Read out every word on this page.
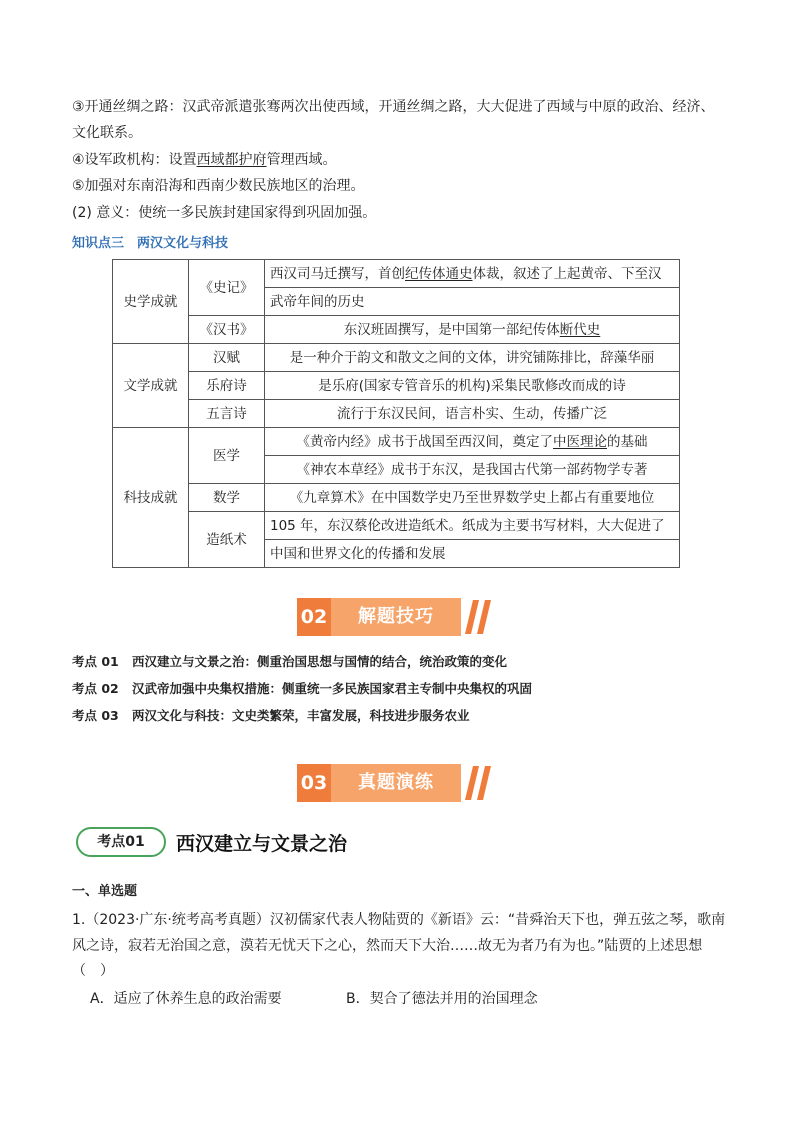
③开通丝绸之路：汉武帝派遣张骞两次出使西域，开通丝绸之路，大大促进了西域与中原的政治、经济、
文化联系。
④设军政机构：设置西域都护府管理西域。
⑤加强对东南沿海和西南少数民族地区的治理。
(2) 意义：使统一多民族封建国家得到巩固加强。
知识点三　两汉文化与科技
史学成就	《史记》	西汉司马迁撰写，首创纪传体通史体裁，叙述了上起黄帝、下至汉
		武帝年间的历史
	《汉书》	东汉班固撰写，是中国第一部纪传体断代史
文学成就	汉赋	是一种介于韵文和散文之间的文体，讲究铺陈排比，辞藻华丽
	乐府诗	是乐府(国家专管音乐的机构)采集民歌修改而成的诗
	五言诗	流行于东汉民间，语言朴实、生动，传播广泛
科技成就	医学	《黄帝内经》成书于战国至西汉间，奠定了中医理论的基础
		《神农本草经》成书于东汉，是我国古代第一部药物学专著
	数学	《九章算术》在中国数学史乃至世界数学史上都占有重要地位
	造纸术	105 年，东汉蔡伦改进造纸术。纸成为主要书写材料，大大促进了
		中国和世界文化的传播和发展
02	解题技巧
考点 01 西汉建立与文景之治：侧重治国思想与国情的结合，统治政策的变化
考点 02 汉武帝加强中央集权措施：侧重统一多民族国家君主专制中央集权的巩固
考点 03 两汉文化与科技：文史类繁荣，丰富发展，科技进步服务农业
03	真题演练
考点01	西汉建立与文景之治
一、单选题
1.（2023·广东·统考高考真题）汉初儒家代表人物陆贾的《新语》云：“昔舜治天下也，弹五弦之琴，歌南
风之诗，寂若无治国之意，漠若无忧天下之心，然而天下大治……故无为者乃有为也。”陆贾的上述思想
（　）
A．适应了休养生息的政治需要	B．契合了德法并用的治国理念
